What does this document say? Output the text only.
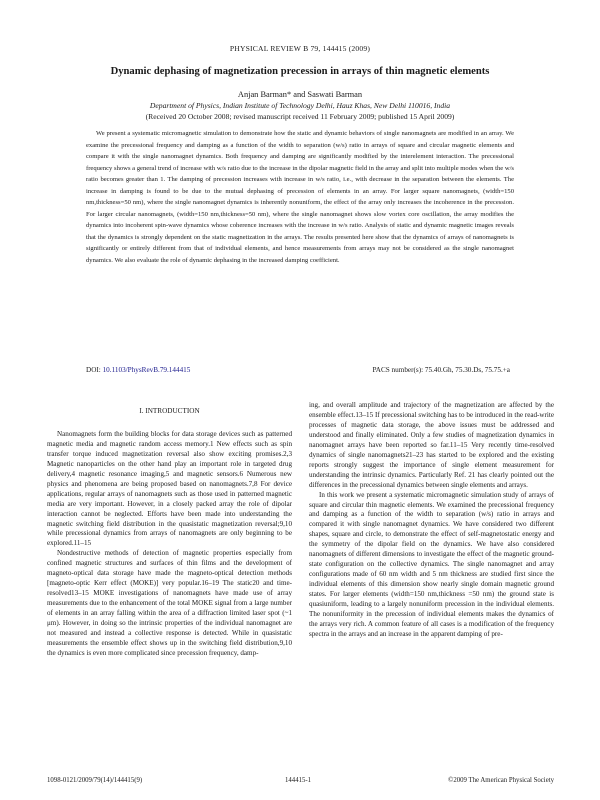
PHYSICAL REVIEW B 79, 144415 (2009)
Dynamic dephasing of magnetization precession in arrays of thin magnetic elements
Anjan Barman* and Saswati Barman
Department of Physics, Indian Institute of Technology Delhi, Hauz Khas, New Delhi 110016, India
(Received 20 October 2008; revised manuscript received 11 February 2009; published 15 April 2009)
We present a systematic micromagnetic simulation to demonstrate how the static and dynamic behaviors of single nanomagnets are modified in an array. We examine the precessional frequency and damping as a function of the width to separation (w/s) ratio in arrays of square and circular magnetic elements and compare it with the single nanomagnet dynamics. Both frequency and damping are significantly modified by the interelement interaction. The precessional frequency shows a general trend of increase with w/s ratio due to the increase in the dipolar magnetic field in the array and split into multiple modes when the w/s ratio becomes greater than 1. The damping of precession increases with increase in w/s ratio, i.e., with decrease in the separation between the elements. The increase in damping is found to be due to the mutual dephasing of precession of elements in an array. For larger square nanomagnets, (width=150 nm,thickness=50 nm), where the single nanomagnet dynamics is inherently nonuniform, the effect of the array only increases the incoherence in the precession. For larger circular nanomagnets, (width=150 nm,thickness=50 nm), where the single nanomagnet shows slow vortex core oscillation, the array modifies the dynamics into incoherent spin-wave dynamics whose coherence increases with the increase in w/s ratio. Analysis of static and dynamic magnetic images reveals that the dynamics is strongly dependent on the static magnetization in the arrays. The results presented here show that the dynamics of arrays of nanomagnets is significantly or entirely different from that of individual elements, and hence measurements from arrays may not be considered as the single nanomagnet dynamics. We also evaluate the role of dynamic dephasing in the increased damping coefficient.
DOI: 10.1103/PhysRevB.79.144415	PACS number(s): 75.40.Gh, 75.30.Ds, 75.75.+a
I. INTRODUCTION

Nanomagnets form the building blocks for data storage devices such as patterned magnetic media and magnetic random access memory.1 New effects such as spin transfer torque induced magnetization reversal also show exciting promises.2,3 Magnetic nanoparticles on the other hand play an important role in targeted drug delivery,4 magnetic resonance imaging,5 and magnetic sensors.6 Numerous new physics and phenomena are being proposed based on nanomagnets.7,8 For device applications, regular arrays of nanomagnets such as those used in patterned magnetic media are very important. However, in a closely packed array the role of dipolar interaction cannot be neglected. Efforts have been made into understanding the magnetic switching field distribution in the quasistatic magnetization reversal;9,10 while precessional dynamics from arrays of nanomagnets are only beginning to be explored.11–15

Nondestructive methods of detection of magnetic properties especially from confined magnetic structures and surfaces of thin films and the development of magneto-optical data storage have made the magneto-optical detection methods [magneto-optic Kerr effect (MOKE)] very popular.16–19 The static20 and time-resolved13–15 MOKE investigations of nanomagnets have made use of array measurements due to the enhancement of the total MOKE signal from a large number of elements in an array falling within the area of a diffraction limited laser spot (~1 μm). However, in doing so the intrinsic properties of the individual nanomagnet are not measured and instead a collective response is detected. While in quasistatic measurements the ensemble effect shows up in the switching field distribution,9,10 the dynamics is even more complicated since precession frequency, damp-

ing, and overall amplitude and trajectory of the magnetization are affected by the ensemble effect.13–15 If precessional switching has to be introduced in the read-write processes of magnetic data storage, the above issues must be addressed and understood and finally eliminated. Only a few studies of magnetization dynamics in nanomagnet arrays have been reported so far.11–15 Very recently time-resolved dynamics of single nanomagnets21–23 has started to be explored and the existing reports strongly suggest the importance of single element measurement for understanding the intrinsic dynamics. Particularly Ref. 21 has clearly pointed out the differences in the precessional dynamics between single elements and arrays.

In this work we present a systematic micromagnetic simulation study of arrays of square and circular thin magnetic elements. We examined the precessional frequency and damping as a function of the width to separation (w/s) ratio in arrays and compared it with single nanomagnet dynamics. We have considered two different shapes, square and circle, to demonstrate the effect of self-magnetostatic energy and the symmetry of the dipolar field on the dynamics. We have also considered nanomagnets of different dimensions to investigate the effect of the magnetic ground-state configuration on the collective dynamics. The single nanomagnet and array configurations made of 60 nm width and 5 nm thickness are studied first since the individual elements of this dimension show nearly single domain magnetic ground states. For larger elements (width=150 nm,thickness =50 nm) the ground state is quasiuniform, leading to a largely nonuniform precession in the individual elements. The nonuniformity in the precession of individual elements makes the dynamics of the arrays very rich. A common feature of all cases is a modification of the frequency spectra in the arrays and an increase in the apparent damping of pre-

1098-0121/2009/79(14)/144415(9)	144415-1	©2009 The American Physical Society
